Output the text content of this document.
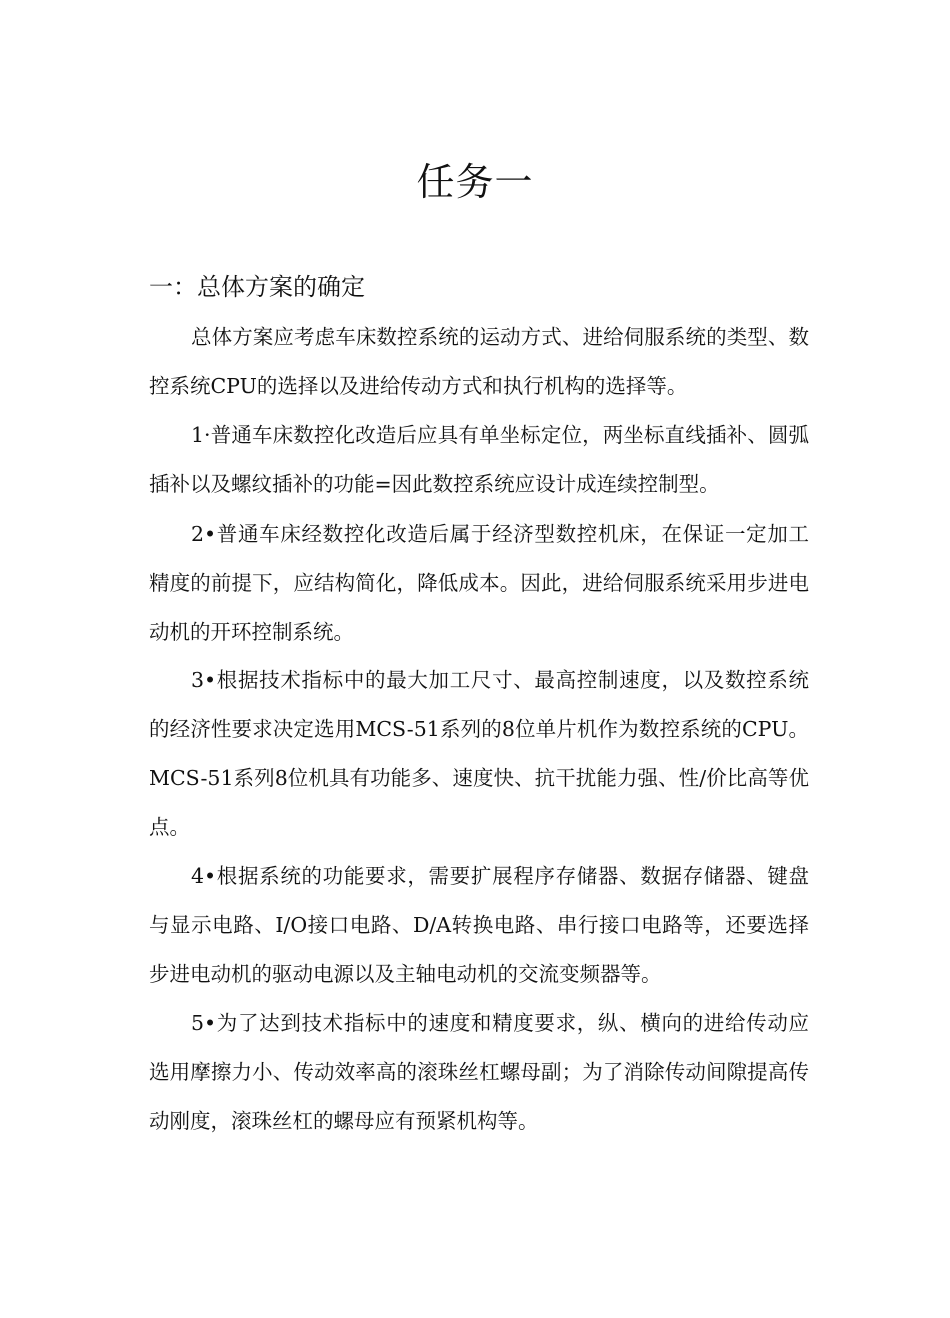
任务一
一：总体方案的确定

总体方案应考虑车床数控系统的运动方式、进给伺服系统的类型、数控系统CPU的选择以及进给传动方式和执行机构的选择等。

1·普通车床数控化改造后应具有单坐标定位，两坐标直线插补、圆弧插补以及螺纹插补的功能=因此数控系统应设计成连续控制型。

2•普通车床经数控化改造后属于经济型数控机床，在保证一定加工精度的前提下，应结构简化，降低成本。因此，进给伺服系统采用步进电动机的开环控制系统。

3•根据技术指标中的最大加工尺寸、最高控制速度，以及数控系统的经济性要求决定选用MCS-51系列的8位单片机作为数控系统的CPU。MCS-51系列8位机具有功能多、速度快、抗干扰能力强、性/价比高等优点。

4•根据系统的功能要求，需要扩展程序存储器、数据存储器、键盘与显示电路、I/O接口电路、D/A转换电路、串行接口电路等，还要选择步进电动机的驱动电源以及主轴电动机的交流变频器等。

5•为了达到技术指标中的速度和精度要求，纵、横向的进给传动应选用摩擦力小、传动效率高的滚珠丝杠螺母副；为了消除传动间隙提高传动刚度，滚珠丝杠的螺母应有预紧机构等。
